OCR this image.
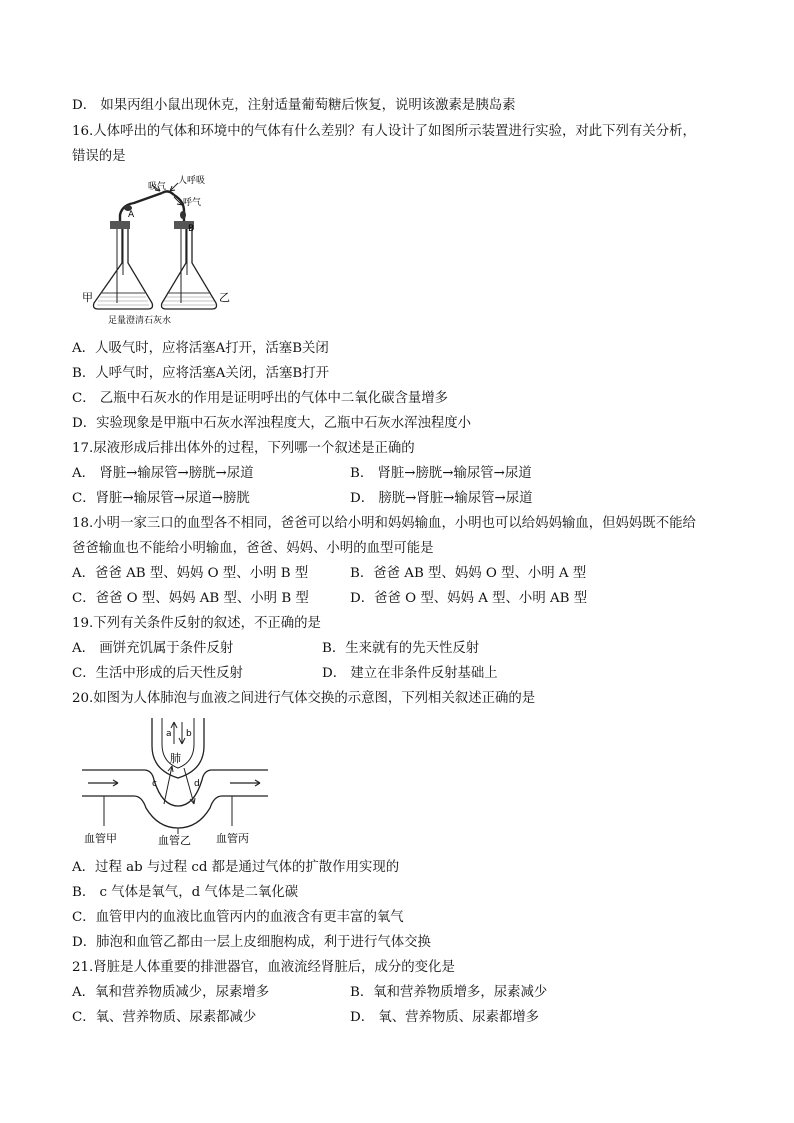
D． 如果丙组小鼠出现休克，注射适量葡萄糖后恢复，说明该激素是胰岛素
16.人体呼出的气体和环境中的气体有什么差别？有人设计了如图所示装置进行实验，对此下列有关分析，
错误的是
吸气
人呼吸
呼气
A
B
甲	乙
足量澄清石灰水
A．人吸气时，应将活塞A打开，活塞B关闭
B．人呼气时，应将活塞A关闭，活塞B打开
C． 乙瓶中石灰水的作用是证明呼出的气体中二氧化碳含量增多
D．实验现象是甲瓶中石灰水浑浊程度大，乙瓶中石灰水浑浊程度小
17.尿液形成后排出体外的过程，下列哪一个叙述是正确的
A． 肾脏→输尿管→膀胱→尿道	B． 肾脏→膀胱→输尿管→尿道
C．肾脏→输尿管→尿道→膀胱	D． 膀胱→肾脏→输尿管→尿道
18.小明一家三口的血型各不相同，爸爸可以给小明和妈妈输血，小明也可以给妈妈输血，但妈妈既不能给
爸爸输血也不能给小明输血，爸爸、妈妈、小明的血型可能是
A．爸爸 AB 型、妈妈 O 型、小明 B 型	B．爸爸 AB 型、妈妈 O 型、小明 A 型
C．爸爸 O 型、妈妈 AB 型、小明 B 型	D．爸爸 O 型、妈妈 A 型、小明 AB 型
19.下列有关条件反射的叙述，不正确的是
A． 画饼充饥属于条件反射	B．生来就有的先天性反射
C．生活中形成的后天性反射	D． 建立在非条件反射基础上
20.如图为人体肺泡与血液之间进行气体交换的示意图，下列相关叙述正确的是
a b
肺
c	d
血管甲	血管乙 血管丙
A．过程 ab 与过程 cd 都是通过气体的扩散作用实现的
B． c 气体是氧气，d 气体是二氧化碳
C．血管甲内的血液比血管丙内的血液含有更丰富的氧气
D．肺泡和血管乙都由一层上皮细胞构成，利于进行气体交换
21.肾脏是人体重要的排泄器官，血液流经肾脏后，成分的变化是
A．氧和营养物质减少，尿素增多	B．氧和营养物质增多，尿素减少
C．氧、营养物质、尿素都减少	D． 氧、营养物质、尿素都增多
